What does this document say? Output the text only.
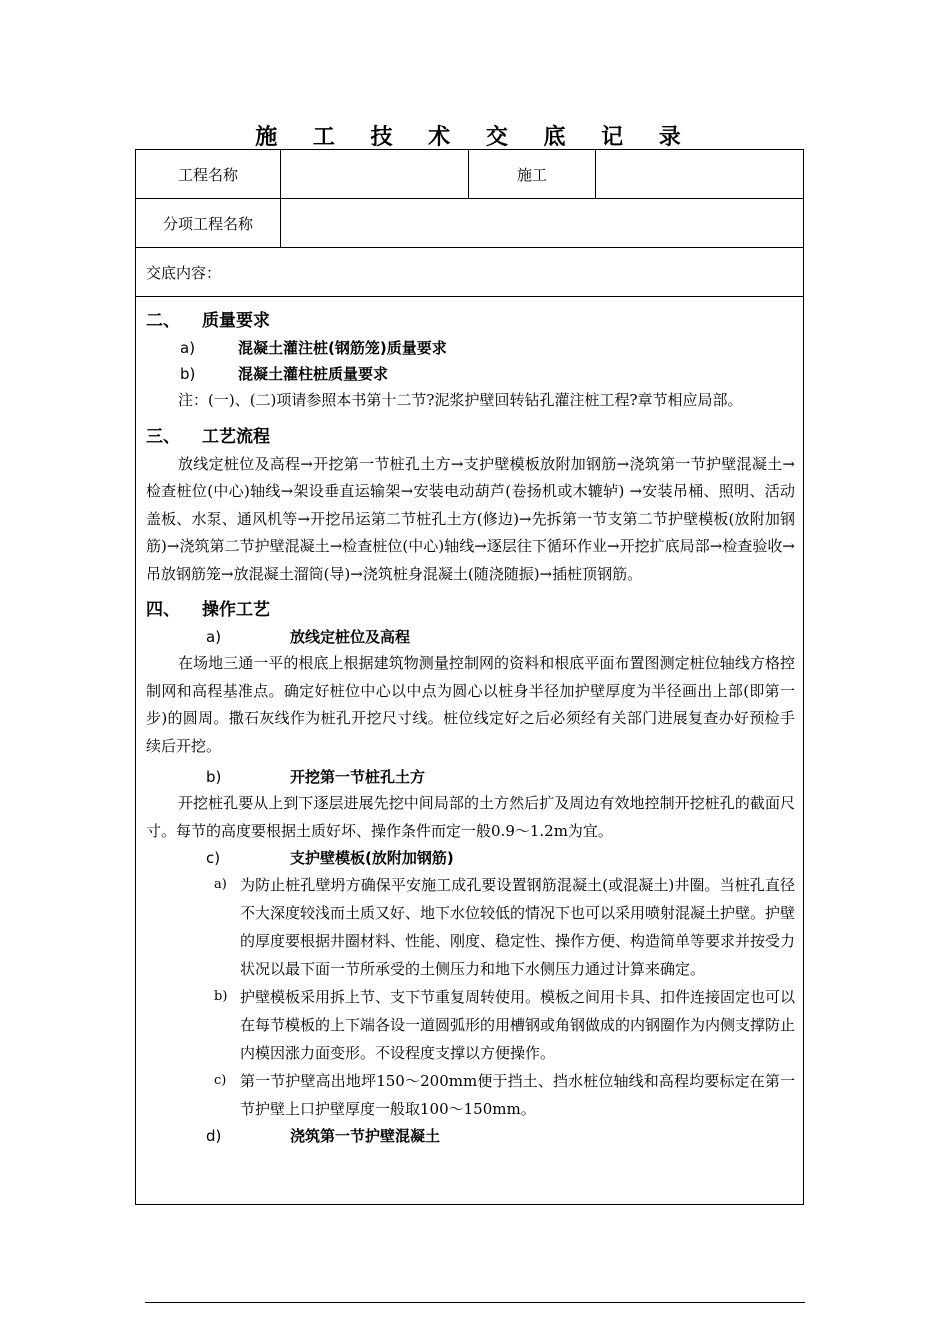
施 工 技 术 交 底 记 录
工程名称	施工
分项工程名称
交底内容：
二、 质量要求
a)	混凝土灌注桩(钢筋笼)质量要求
b)	混凝土灌柱桩质量要求

注：(一)、(二)项请参照本书第十二节?泥浆护壁回转钻孔灌注桩工程?章节相应局部。

三、 工艺流程

放线定桩位及高程→开挖第一节桩孔土方→支护壁模板放附加钢筋→浇筑第一节护壁混凝土→检查桩位(中心)轴线→架设垂直运输架→安装电动葫芦(卷扬机或木辘轳) →安装吊桶、照明、活动盖板、水泵、通风机等→开挖吊运第二节桩孔土方(修边)→先拆第一节支第二节护壁模板(放附加钢筋)→浇筑第二节护壁混凝土→检查桩位(中心)轴线→逐层往下循环作业→开挖扩底局部→检查验收→吊放钢筋笼→放混凝土溜筒(导)→浇筑桩身混凝土(随浇随振)→插桩顶钢筋。

四、 操作工艺
a)	放线定桩位及高程

在场地三通一平的根底上根据建筑物测量控制网的资料和根底平面布置图测定桩位轴线方格控制网和高程基准点。确定好桩位中心以中点为圆心以桩身半径加护壁厚度为半径画出上部(即第一步)的圆周。撒石灰线作为桩孔开挖尺寸线。桩位线定好之后必须经有关部门进展复查办好预检手续后开挖。

b)	开挖第一节桩孔土方

开挖桩孔要从上到下逐层进展先挖中间局部的土方然后扩及周边有效地控制开挖桩孔的截面尺寸。每节的高度要根据土质好坏、操作条件而定一般0.9～1.2m为宜。

c)	支护壁模板(放附加钢筋)
a) 为防止桩孔壁坍方确保平安施工成孔要设置钢筋混凝土(或混凝土)井圈。当桩孔直径不大深度较浅而土质又好、地下水位较低的情况下也可以采用喷射混凝土护壁。护壁的厚度要根据井圈材料、性能、刚度、稳定性、操作方便、构造简单等要求并按受力状况以最下面一节所承受的土侧压力和地下水侧压力通过计算来确定。
b) 护壁模板采用拆上节、支下节重复周转使用。模板之间用卡具、扣件连接固定也可以在每节模板的上下端各设一道圆弧形的用槽钢或角钢做成的内钢圈作为内侧支撑防止内模因涨力面变形。不设程度支撑以方便操作。
c) 第一节护壁高出地坪150～200mm便于挡土、挡水桩位轴线和高程均要标定在第一节护壁上口护壁厚度一般取100～150mm。
d)	浇筑第一节护壁混凝土
